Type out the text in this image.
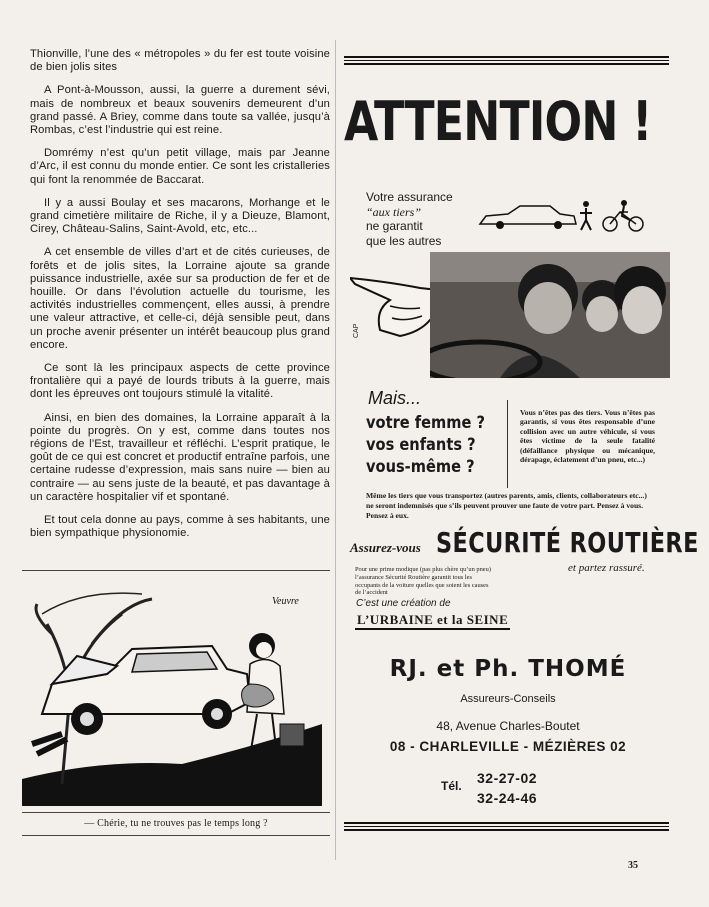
Thionville, l’une des « métropoles » du fer est toute voisine de bien jolis sites

A Pont-à-Mousson, aussi, la guerre a durement sévi, mais de nombreux et beaux souvenirs demeurent d’un grand passé. A Briey, comme dans toute sa vallée, jusqu’à Rombas, c’est l’industrie qui est reine.

Domrémy n’est qu’un petit village, mais par Jeanne d’Arc, il est connu du monde entier. Ce sont les cristalleries qui font la renommée de Baccarat.

Il y a aussi Boulay et ses macarons, Morhange et le grand cimetière militaire de Riche, il y a Dieuze, Blamont, Cirey, Château-Salins, Saint-Avold, etc, etc...

A cet ensemble de villes d’art et de cités curieuses, de forêts et de jolis sites, la Lorraine ajoute sa grande puissance industrielle, axée sur sa production de fer et de houille. Or dans l’évolution actuelle du tourisme, les activités industrielles commençent, elles aussi, à prendre une valeur attractive, et celle-ci, déjà sensible peut, dans un proche avenir présenter un intérêt beaucoup plus grand encore.

Ce sont là les principaux aspects de cette province frontalière qui a payé de lourds tributs à la guerre, mais dont les épreuves ont toujours stimulé la vitalité.

Ainsi, en bien des domaines, la Lorraine apparaît à la pointe du progrès. On y est, comme dans toutes nos régions de l’Est, travailleur et réfléchi. L’esprit pratique, le goût de ce qui est concret et productif entraîne parfois, une certaine rudesse d’expression, mais sans nuire — bien au contraire — au sens juste de la beauté, et pas davantage à un caractère hospitalier vif et spontané.

Et tout cela donne au pays, comme à ses habitants, une bien sympathique physionomie.

Veuvre
— Chérie, tu ne trouves pas le temps long ?
ATTENTION !
Votre assurance
“aux tiers”
ne garantit
que les autres
CAP
Mais...
votre femme ?
vos enfants ?
vous-même ?
Vous n’êtes pas des tiers. Vous n’êtes pas garantis, si vous êtes responsable d’une collision avec un autre véhicule, si vous êtes victime de la seule fatalité (défaillance physique ou mécanique, dérapage, éclatement d’un pneu, etc...)
Même les tiers que vous transportez (autres parents, amis, clients, collaborateurs etc...) ne seront indemnisés que s’ils peuvent prouver une faute de votre part. Pensez à vous. Pensez à eux.
Assurez-vous SÉCURITÉ ROUTIÈRE
et partez rassuré.
Pour une prime modique (pas plus chère qu’un pneu) l’assurance Sécurité Routière garantit tous les occupants de la voiture quelles que soient les causes de l’accident
C’est une création de
L’URBAINE et la SEINE
RJ. et Ph. THOMÉ
Assureurs-Conseils
48, Avenue Charles-Boutet
08 - CHARLEVILLE - MÉZIÈRES 02
Tél. 32-27-02
32-24-46
35
